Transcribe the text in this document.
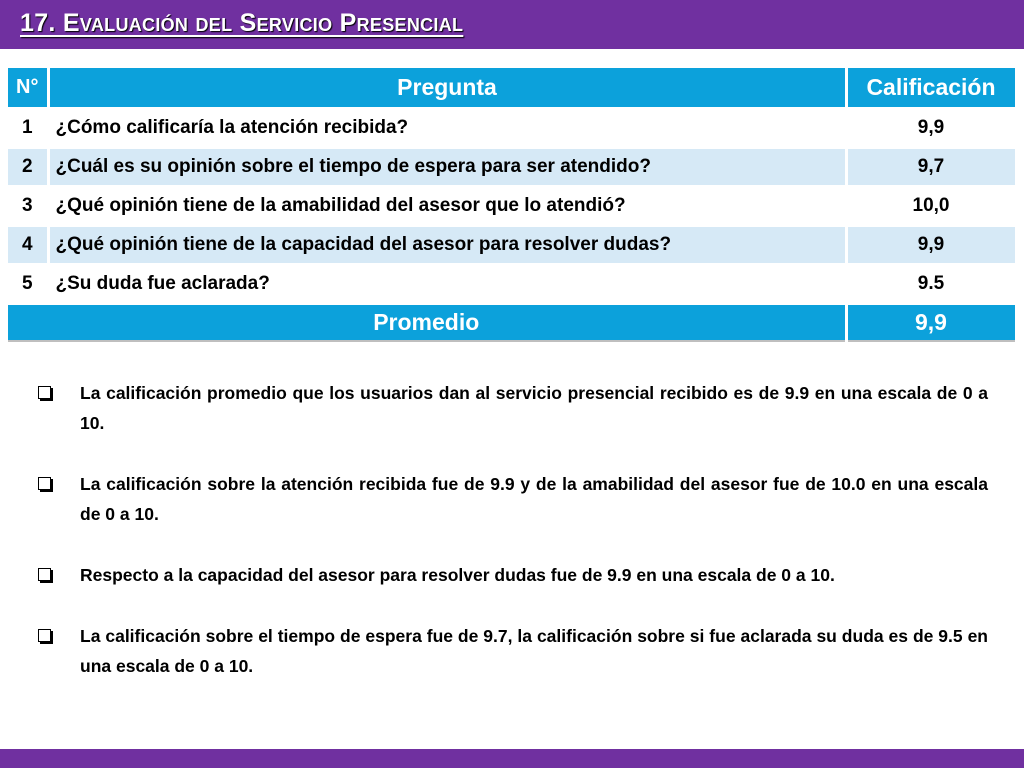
17. Evaluación del Servicio Presencial
N°	Pregunta	Calificación
1	¿Cómo calificaría la atención recibida?	9,9
2	¿Cuál es su opinión sobre el tiempo de espera para ser atendido?	9,7
3	¿Qué opinión tiene de la amabilidad del asesor que lo atendió?	10,0
4	¿Qué opinión tiene de la capacidad del asesor para resolver dudas?	9,9
5	¿Su duda fue aclarada?	9.5
Promedio		9,9
La calificación promedio que los usuarios dan al servicio presencial recibido es de 9.9 en una escala de 0 a 10.
La calificación sobre la atención recibida fue de 9.9 y de la amabilidad del asesor fue de 10.0 en una escala de 0 a 10.
Respecto a la capacidad del asesor para resolver dudas fue de 9.9 en una escala de 0 a 10.
La calificación sobre el tiempo de espera fue de 9.7, la calificación sobre si fue aclarada su duda es de 9.5 en una escala de 0 a 10.
